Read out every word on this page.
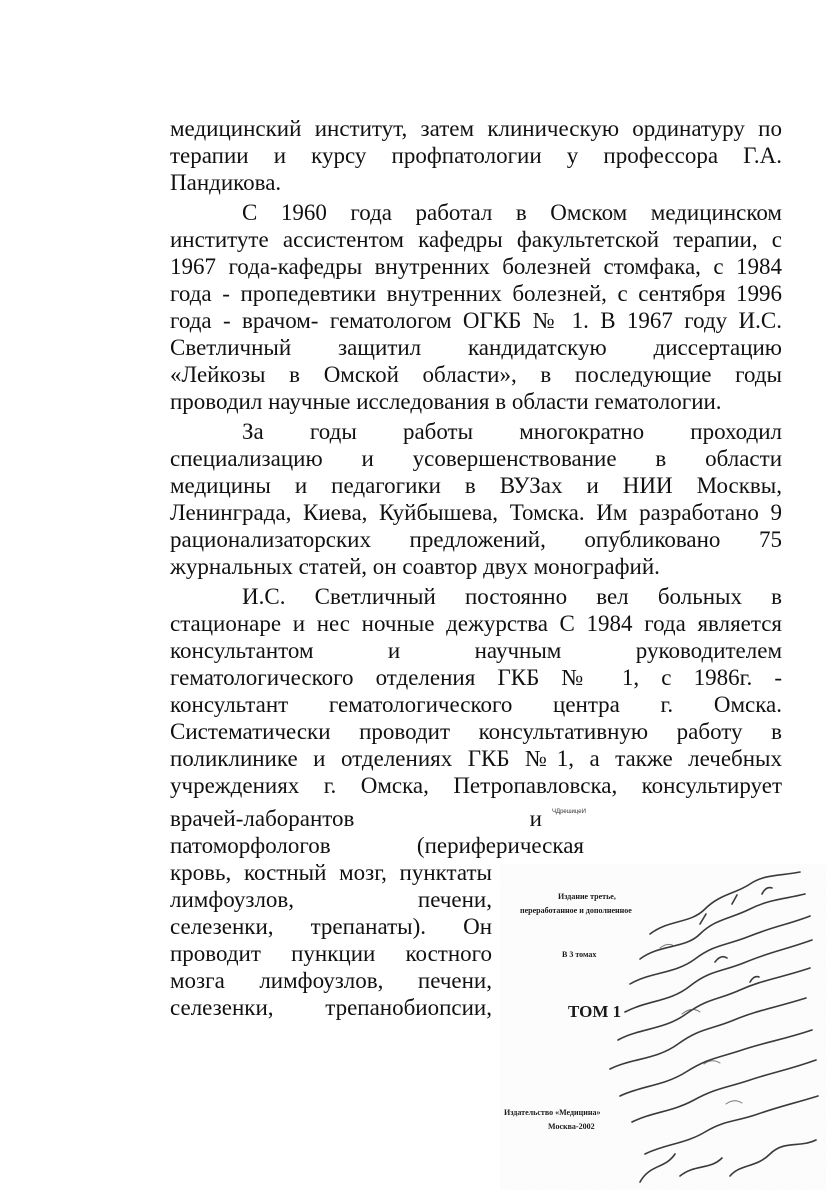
медицинский институт, затем клиническую ординатуру по
терапии и курсу профпатологии у профессора Г.А.
Пандикова.
С 1960 года работал в Омском медицинском
институте ассистентом кафедры факультетской терапии, с
1967 года-кафедры внутренних болезней стомфака, с 1984
года - пропедевтики внутренних болезней, с сентября 1996
года - врачом- гематологом ОГКБ № 1. В 1967 году И.С.
Светличный защитил кандидатскую диссертацию
«Лейкозы в Омской области», в последующие годы
проводил научные исследования в области гематологии.
За годы работы многократно проходил
специализацию и усовершенствование в области
медицины и педагогики в ВУЗах и НИИ Москвы,
Ленинграда, Киева, Куйбышева, Томска. Им разработано 9
рационализаторских предложений, опубликовано 75
журнальных статей, он соавтор двух монографий.
И.С. Светличный постоянно вел больных в
стационаре и нес ночные дежурства С 1984 года является
консультантом и научным руководителем
гематологического отделения ГКБ № 1, с 1986г. -
консультант гематологического центра г. Омска.
Систематически проводит консультативную работу в
поликлинике и отделениях ГКБ №1, а также лечебных
учреждениях г. Омска, Петропавловска, консультирует
врачей-лаборантов и ЧДрешицеИ
патоморфологов (периферическая
кровь, костный мозг, пунктаты
лимфоузлов, печени,
селезенки, трепанаты). Он
проводит пункции костного
мозга лимфоузлов, печени,
селезенки, трепанобиопсии,
Издание третье,
переработанное и дополненное
В 3 томах
ТОМ 1
Издательство «Медицина»
Москва-2002
